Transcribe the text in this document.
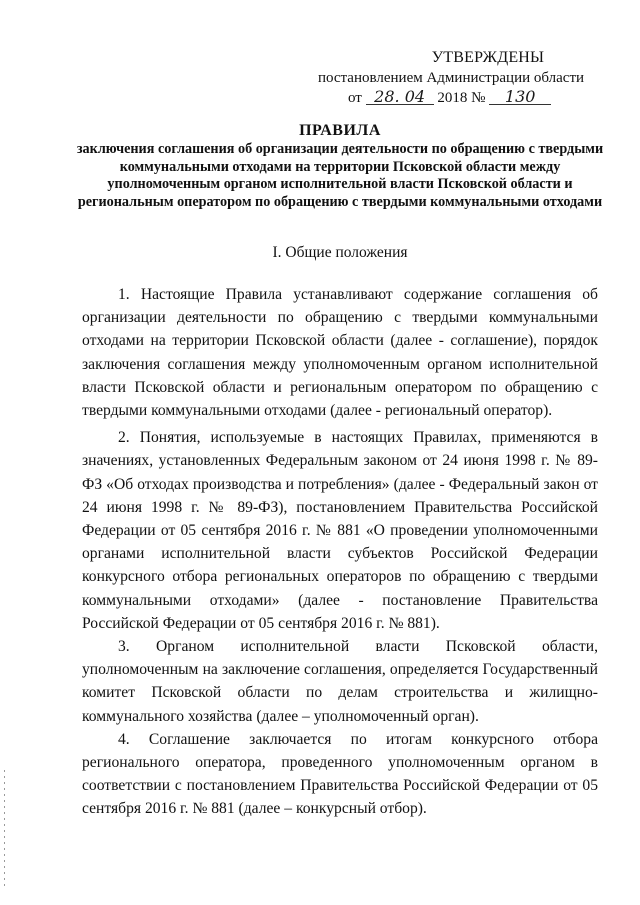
УТВЕРЖДЕНЫ
постановлением Администрации области
от 28. 04 2018 № 130
ПРАВИЛА
заключения соглашения об организации деятельности по обращению с твердыми коммунальными отходами на территории Псковской области между уполномоченным органом исполнительной власти Псковской области и региональным оператором по обращению с твердыми коммунальными отходами
I. Общие положения

1. Настоящие Правила устанавливают содержание соглашения об организации деятельности по обращению с твердыми коммунальными отходами на территории Псковской области (далее - соглашение), порядок заключения соглашения между уполномоченным органом исполнительной власти Псковской области и региональным оператором по обращению с твердыми коммунальными отходами (далее - региональный оператор).

2. Понятия, используемые в настоящих Правилах, применяются в значениях, установленных Федеральным законом от 24 июня 1998 г. № 89-ФЗ «Об отходах производства и потребления» (далее - Федеральный закон от 24 июня 1998 г. № 89-ФЗ), постановлением Правительства Российской Федерации от 05 сентября 2016 г. № 881 «О проведении уполномоченными органами исполнительной власти субъектов Российской Федерации конкурсного отбора региональных операторов по обращению с твердыми коммунальными отходами» (далее - постановление Правительства Российской Федерации от 05 сентября 2016 г. № 881).

3. Органом исполнительной власти Псковской области, уполномоченным на заключение соглашения, определяется Государственный комитет Псковской области по делам строительства и жилищно-коммунального хозяйства (далее – уполномоченный орган).

4. Соглашение заключается по итогам конкурсного отбора регионального оператора, проведенного уполномоченным органом в соответствии с постановлением Правительства Российской Федерации от 05 сентября 2016 г. № 881 (далее – конкурсный отбор).
